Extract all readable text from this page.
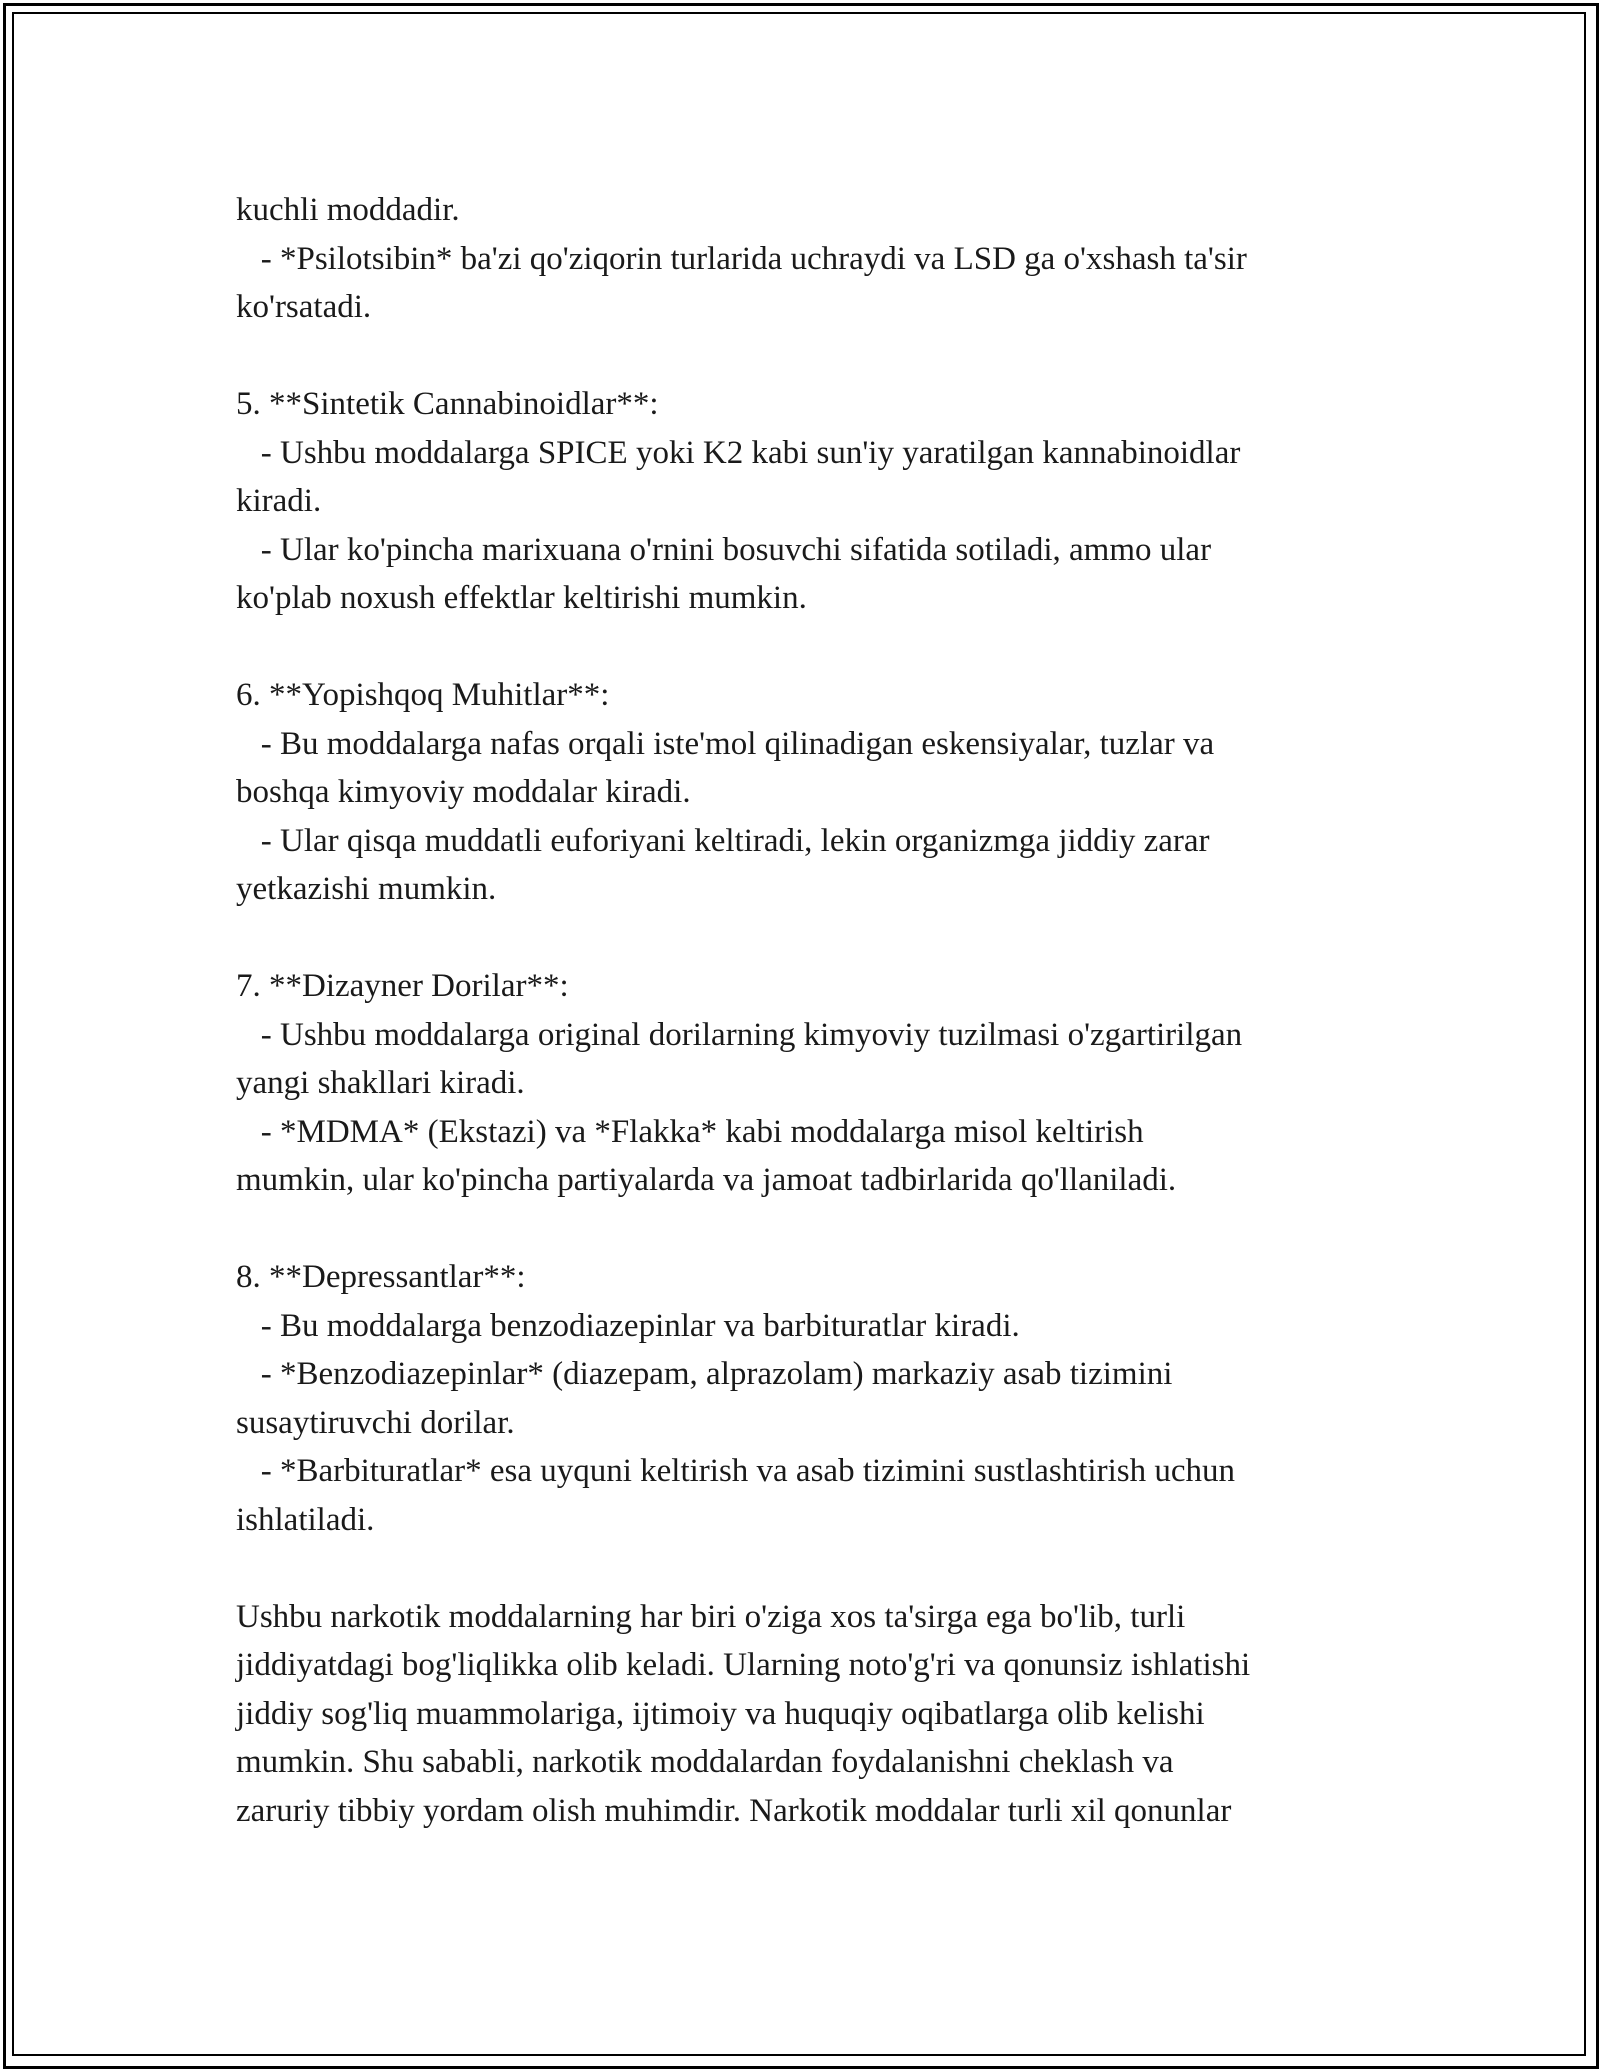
kuchli moddadir.
- *Psilotsibin* ba'zi qo'ziqorin turlarida uchraydi va LSD ga o'xshash ta'sir
ko'rsatadi.
5. **Sintetik Cannabinoidlar**:
- Ushbu moddalarga SPICE yoki K2 kabi sun'iy yaratilgan kannabinoidlar
kiradi.
- Ular ko'pincha marixuana o'rnini bosuvchi sifatida sotiladi, ammo ular
ko'plab noxush effektlar keltirishi mumkin.
6. **Yopishqoq Muhitlar**:
- Bu moddalarga nafas orqali iste'mol qilinadigan eskensiyalar, tuzlar va
boshqa kimyoviy moddalar kiradi.
- Ular qisqa muddatli euforiyani keltiradi, lekin organizmga jiddiy zarar
yetkazishi mumkin.
7. **Dizayner Dorilar**:
- Ushbu moddalarga original dorilarning kimyoviy tuzilmasi o'zgartirilgan
yangi shakllari kiradi.
- *MDMA* (Ekstazi) va *Flakka* kabi moddalarga misol keltirish
mumkin, ular ko'pincha partiyalarda va jamoat tadbirlarida qo'llaniladi.
8. **Depressantlar**:
- Bu moddalarga benzodiazepinlar va barbituratlar kiradi.
- *Benzodiazepinlar* (diazepam, alprazolam) markaziy asab tizimini
susaytiruvchi dorilar.
- *Barbituratlar* esa uyquni keltirish va asab tizimini sustlashtirish uchun
ishlatiladi.
Ushbu narkotik moddalarning har biri o'ziga xos ta'sirga ega bo'lib, turli
jiddiyatdagi bog'liqlikka olib keladi. Ularning noto'g'ri va qonunsiz ishlatishi
jiddiy sog'liq muammolariga, ijtimoiy va huquqiy oqibatlarga olib kelishi
mumkin. Shu sababli, narkotik moddalardan foydalanishni cheklash va
zaruriy tibbiy yordam olish muhimdir. Narkotik moddalar turli xil qonunlar
